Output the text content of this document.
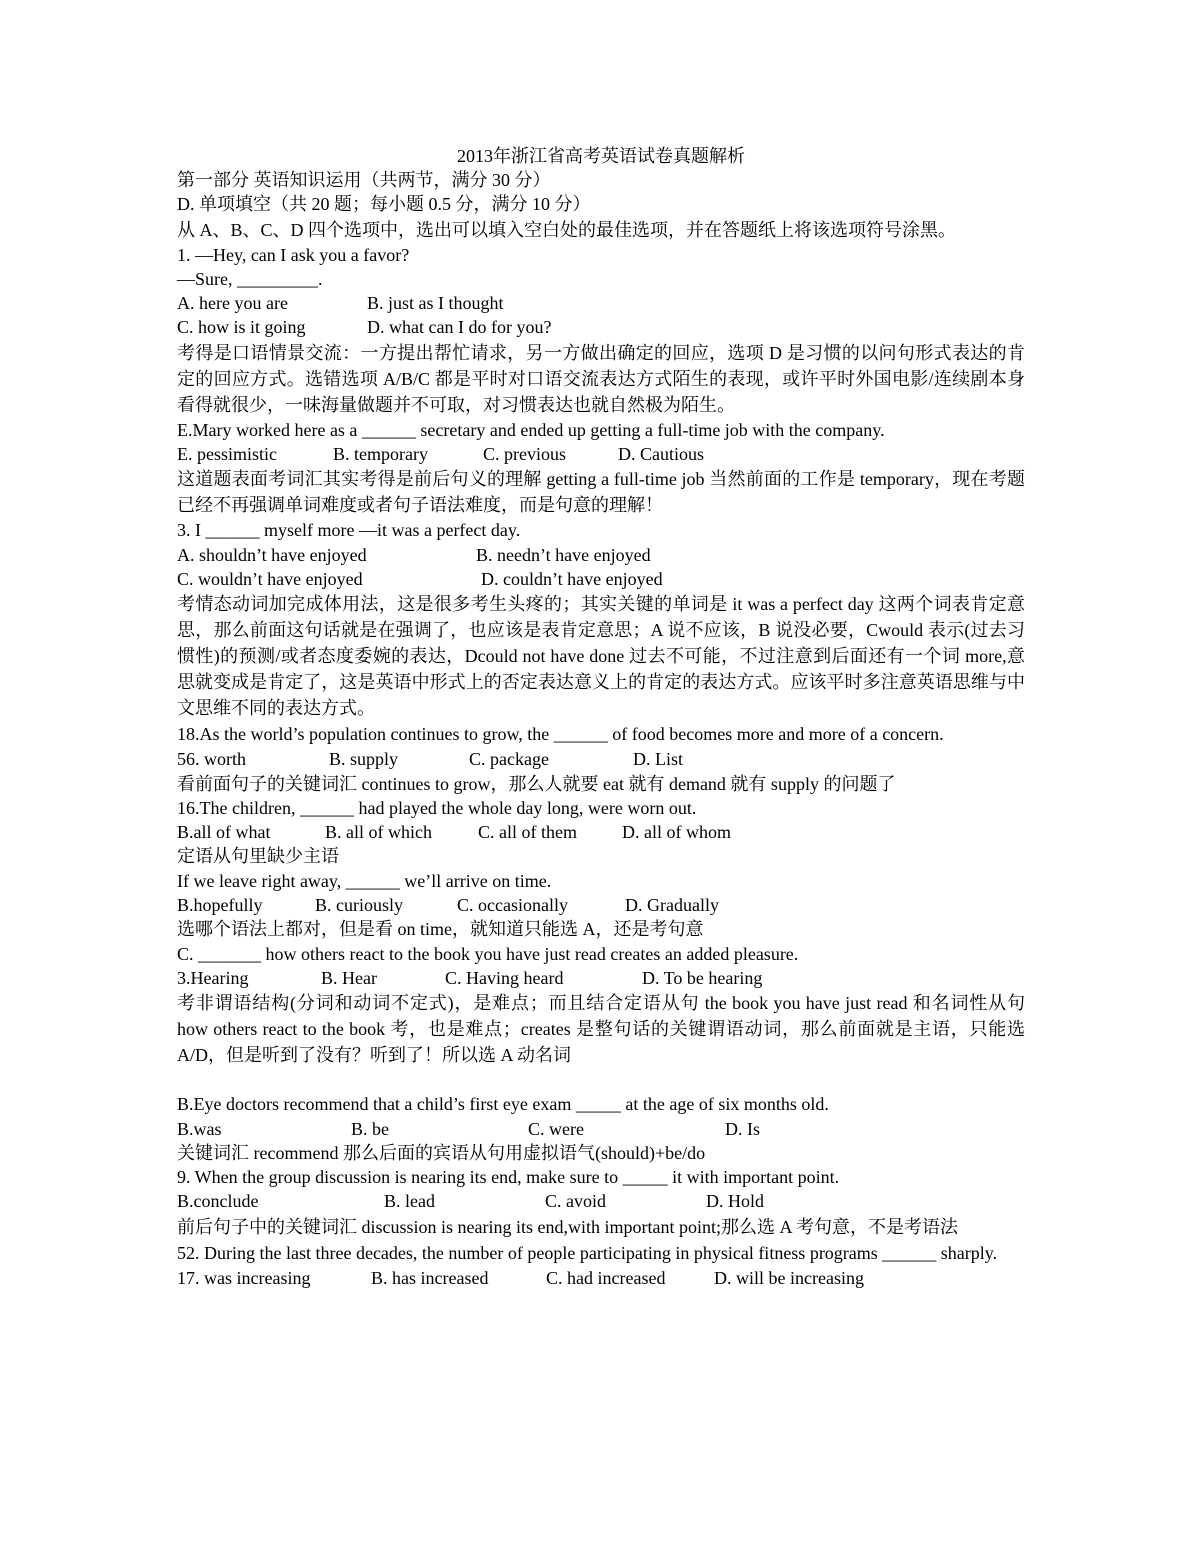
2013年浙江省高考英语试卷真题解析

第一部分 英语知识运用（共两节，满分 30 分）

D. 单项填空（共 20 题；每小题 0.5 分，满分 10 分）

从 A、B、C、D 四个选项中，选出可以填入空白处的最佳选项，并在答题纸上将该选项符号涂黑。

1. —Hey, can I ask you a favor?

—Sure, _________.

A. here you are	B. just as I thought
C. how is it going	D. what can I do for you?

考得是口语情景交流：一方提出帮忙请求，另一方做出确定的回应，选项 D 是习惯的以问句形式表达的肯定的回应方式。选错选项 A/B/C 都是平时对口语交流表达方式陌生的表现，或许平时外国电影/连续剧本身看得就很少，一味海量做题并不可取，对习惯表达也就自然极为陌生。

E.Mary worked here as a ______ secretary and ended up getting a full-time job with the company.

E. pessimistic	B. temporary	C. previous	D. Cautious

这道题表面考词汇其实考得是前后句义的理解 getting a full-time job 当然前面的工作是 temporary，现在考题已经不再强调单词难度或者句子语法难度，而是句意的理解！

3. I ______ myself more —it was a perfect day.

A. shouldn’t have enjoyed	B. needn’t have enjoyed
C. wouldn’t have enjoyed	D. couldn’t have enjoyed

考情态动词加完成体用法，这是很多考生头疼的；其实关键的单词是 it was a perfect day 这两个词表肯定意思，那么前面这句话就是在强调了，也应该是表肯定意思；A 说不应该，B 说没必要，Cwould 表示(过去习惯性)的预测/或者态度委婉的表达，Dcould not have done 过去不可能，不过注意到后面还有一个词 more,意思就变成是肯定了，这是英语中形式上的否定表达意义上的肯定的表达方式。应该平时多注意英语思维与中文思维不同的表达方式。

18.As the world’s population continues to grow, the ______ of food becomes more and more of a concern.

56. worth	B. supply	C. package	D. List

看前面句子的关键词汇 continues to grow，那么人就要 eat 就有 demand 就有 supply 的问题了

16.The children, ______ had played the whole day long, were worn out.

B.all of what	B. all of which	C. all of them	D. all of whom

定语从句里缺少主语

If we leave right away, ______ we’ll arrive on time.

B.hopefully	B. curiously	C. occasionally	D. Gradually

选哪个语法上都对，但是看 on time，就知道只能选 A，还是考句意

C. _______ how others react to the book you have just read creates an added pleasure.

3.Hearing	B. Hear	C. Having heard	D. To be hearing

考非谓语结构(分词和动词不定式)，是难点；而且结合定语从句 the book you have just read 和名词性从句 how others react to the book 考，也是难点；creates 是整句话的关键谓语动词，那么前面就是主语，只能选 A/D，但是听到了没有？听到了！所以选 A 动名词

B.Eye doctors recommend that a child’s first eye exam _____ at the age of six months old.

B.was	B. be	C. were	D. Is

关键词汇 recommend 那么后面的宾语从句用虚拟语气(should)+be/do

9. When the group discussion is nearing its end, make sure to _____ it with important point.

B.conclude	B. lead	C. avoid	D. Hold

前后句子中的关键词汇 discussion is nearing its end,with important point;那么选 A 考句意，不是考语法

52. During the last three decades, the number of people participating in physical fitness programs ______ sharply.

17. was increasing	B. has increased	C. had increased	D. will be increasing
